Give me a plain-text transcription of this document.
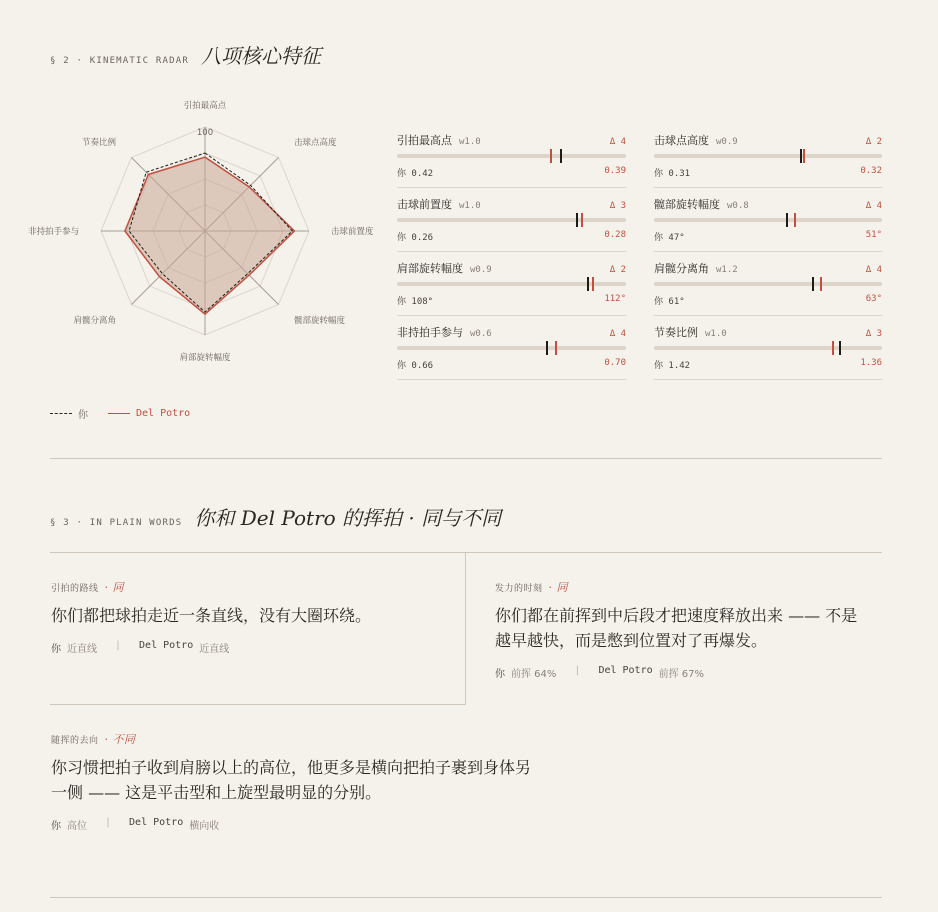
§ 2 · KINEMATIC RADAR 八项核心特征
引拍最高点
击球点高度
击球前置度
髋部旋转幅度
肩部旋转幅度
肩髋分离角
非持拍手参与
节奏比例
100
你	Del Potro
引拍最高点 w1.0	Δ 4
你 0.42	0.39
击球点高度 w0.9	Δ 2
你 0.31	0.32
击球前置度 w1.0	Δ 3
你 0.26	0.28
髋部旋转幅度 w0.8	Δ 4
你 47°	51°
肩部旋转幅度 w0.9	Δ 2
你 108°	112°
肩髋分离角 w1.2	Δ 4
你 61°	63°
非持拍手参与 w0.6	Δ 4
你 0.66	0.70
节奏比例 w1.0	Δ 3
你 1.42	1.36
§ 3 · IN PLAIN WORDS 你和 Del Potro 的挥拍 · 同与不同
引拍的路线 · 同
你们都把球拍走近一条直线，没有大圈环绕。
你 近直线 | Del Potro 近直线
发力的时刻 · 同
你们都在前挥到中后段才把速度释放出来 —— 不是越早越快，而是憋到位置对了再爆发。
你 前挥 64% | Del Potro 前挥 67%
随挥的去向 · 不同
你习惯把拍子收到肩膀以上的高位，他更多是横向把拍子裹到身体另一侧 —— 这是平击型和上旋型最明显的分别。
你 高位 | Del Potro 横向收
